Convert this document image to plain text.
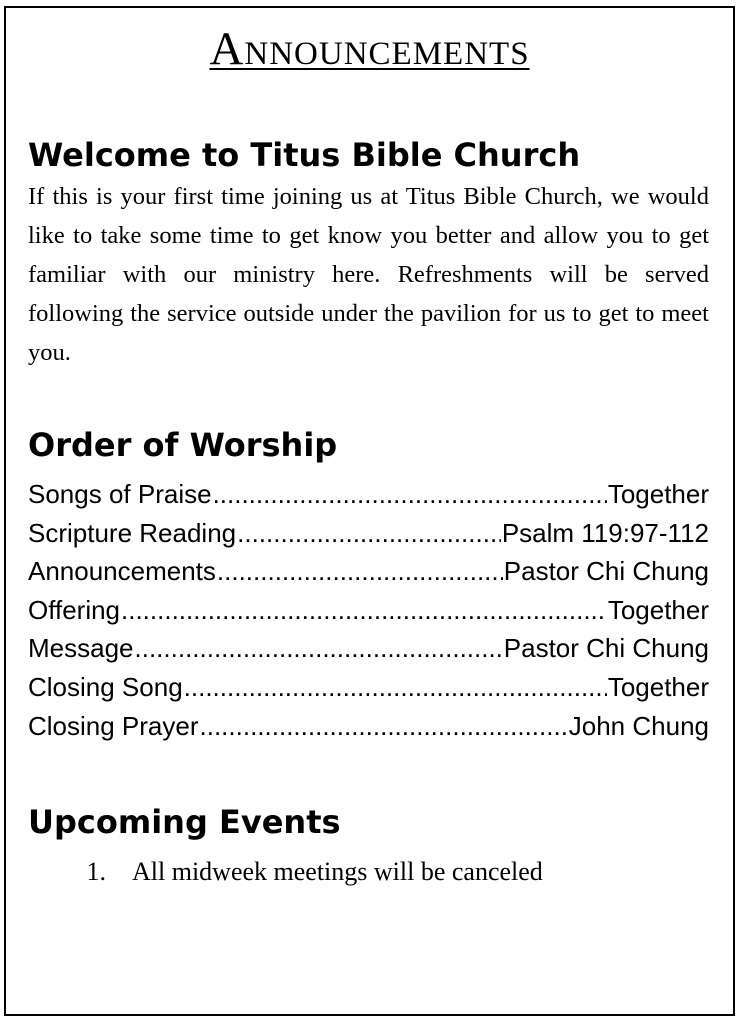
Announcements
Welcome to Titus Bible Church

If this is your first time joining us at Titus Bible Church, we would like to take some time to get know you better and allow you to get familiar with our ministry here. Refreshments will be served following the service outside under the pavilion for us to get to meet you.

Order of Worship
Songs of Praise .....	Together
Scripture Reading .....	Psalm 119:97-112
Announcements .....	Pastor Chi Chung
Offering .....	Together
Message .....	Pastor Chi Chung
Closing Song .....	Together
Closing Prayer .....	John Chung
Upcoming Events
1.	All midweek meetings will be canceled
